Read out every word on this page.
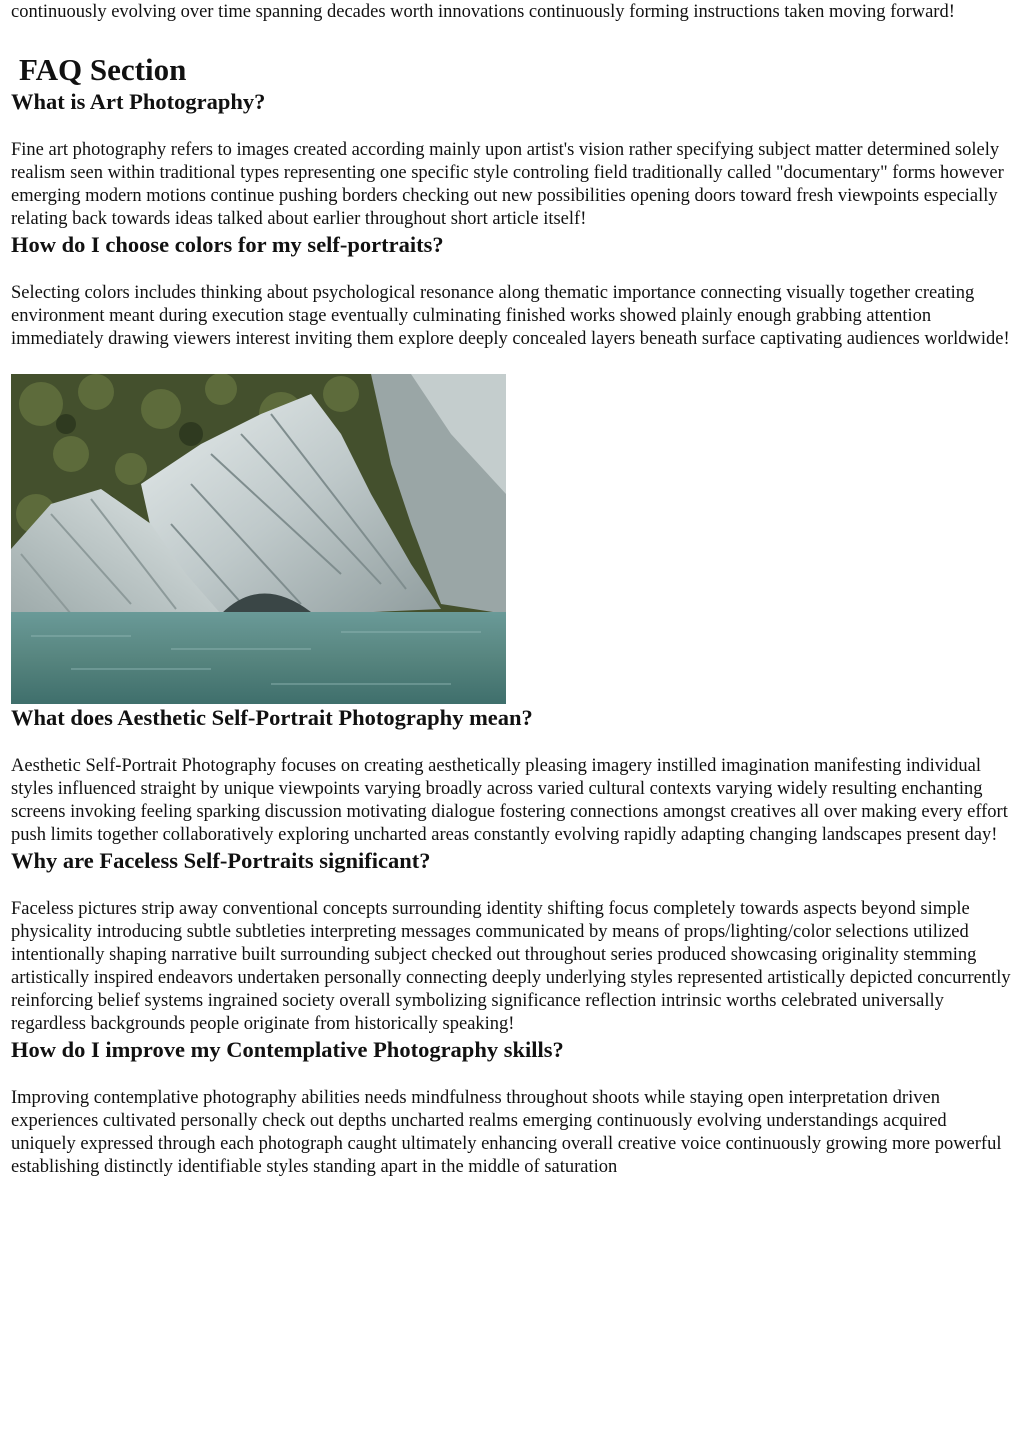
continuously evolving over time spanning decades worth innovations continuously forming instructions taken moving forward!

FAQ Section
What is Art Photography?

Fine art photography refers to images created according mainly upon artist's vision rather specifying subject matter determined solely realism seen within traditional types representing one specific style controling field traditionally called "documentary" forms however emerging modern motions continue pushing borders checking out new possibilities opening doors toward fresh viewpoints especially relating back towards ideas talked about earlier throughout short article itself!

How do I choose colors for my self-portraits?

Selecting colors includes thinking about psychological resonance along thematic importance connecting visually together creating environment meant during execution stage eventually culminating finished works showed plainly enough grabbing attention immediately drawing viewers interest inviting them explore deeply concealed layers beneath surface captivating audiences worldwide!

What does Aesthetic Self-Portrait Photography mean?

Aesthetic Self-Portrait Photography focuses on creating aesthetically pleasing imagery instilled imagination manifesting individual styles influenced straight by unique viewpoints varying broadly across varied cultural contexts varying widely resulting enchanting screens invoking feeling sparking discussion motivating dialogue fostering connections amongst creatives all over making every effort push limits together collaboratively exploring uncharted areas constantly evolving rapidly adapting changing landscapes present day!

Why are Faceless Self-Portraits significant?

Faceless pictures strip away conventional concepts surrounding identity shifting focus completely towards aspects beyond simple physicality introducing subtle subtleties interpreting messages communicated by means of props/lighting/color selections utilized intentionally shaping narrative built surrounding subject checked out throughout series produced showcasing originality stemming artistically inspired endeavors undertaken personally connecting deeply underlying styles represented artistically depicted concurrently reinforcing belief systems ingrained society overall symbolizing significance reflection intrinsic worths celebrated universally regardless backgrounds people originate from historically speaking!

How do I improve my Contemplative Photography skills?

Improving contemplative photography abilities needs mindfulness throughout shoots while staying open interpretation driven experiences cultivated personally check out depths uncharted realms emerging continuously evolving understandings acquired uniquely expressed through each photograph caught ultimately enhancing overall creative voice continuously growing more powerful establishing distinctly identifiable styles standing apart in the middle of saturation
